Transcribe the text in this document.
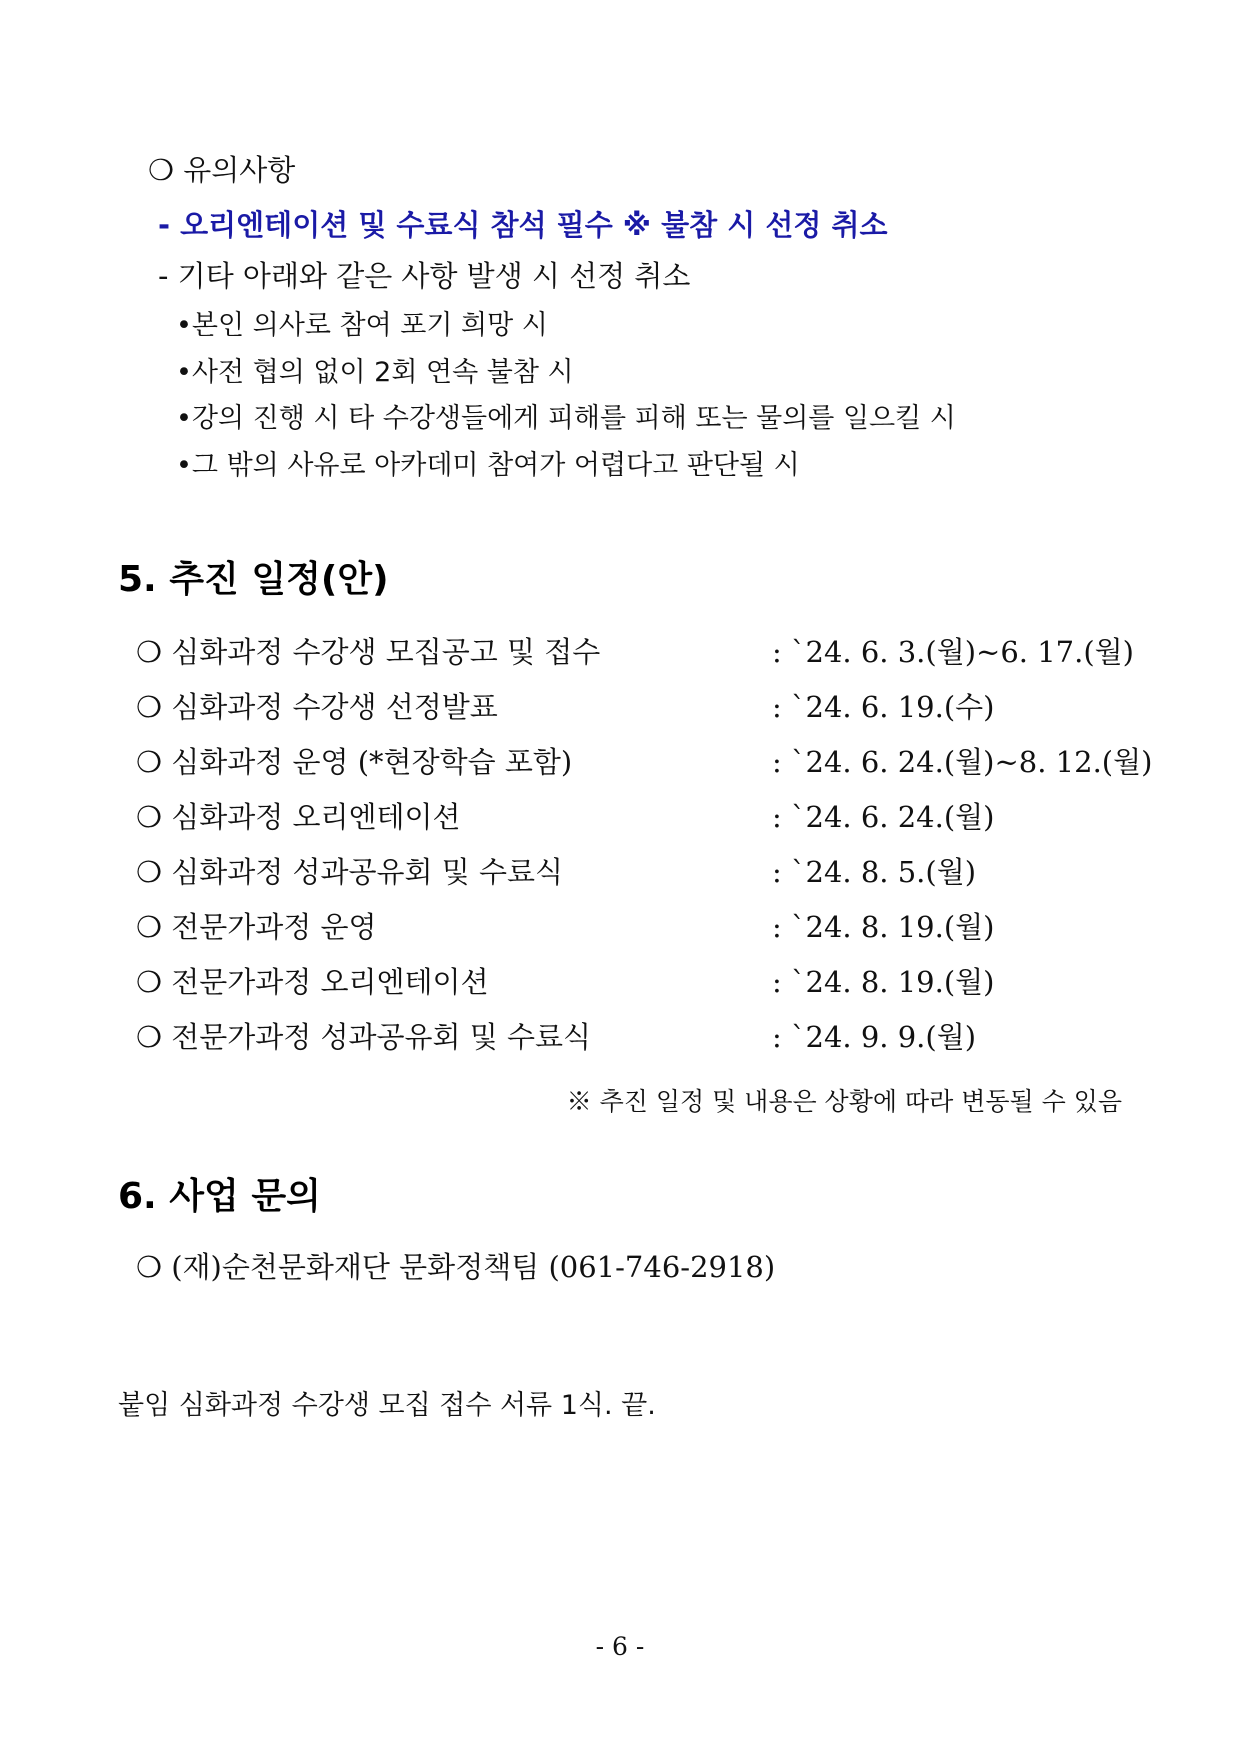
❍ 유의사항
- 오리엔테이션 및 수료식 참석 필수 ※ 불참 시 선정 취소
- 기타 아래와 같은 사항 발생 시 선정 취소
•본인 의사로 참여 포기 희망 시
•사전 협의 없이 2회 연속 불참 시
•강의 진행 시 타 수강생들에게 피해를 피해 또는 물의를 일으킬 시
•그 밖의 사유로 아카데미 참여가 어렵다고 판단될 시
5. 추진 일정(안)
❍ 심화과정 수강생 모집공고 및 접수	: `24. 6. 3.(월)~6. 17.(월)
❍ 심화과정 수강생 선정발표	: `24. 6. 19.(수)
❍ 심화과정 운영 (*현장학습 포함)	: `24. 6. 24.(월)~8. 12.(월)
❍ 심화과정 오리엔테이션	: `24. 6. 24.(월)
❍ 심화과정 성과공유회 및 수료식	: `24. 8. 5.(월)
❍ 전문가과정 운영	: `24. 8. 19.(월)
❍ 전문가과정 오리엔테이션	: `24. 8. 19.(월)
❍ 전문가과정 성과공유회 및 수료식	: `24. 9. 9.(월)
※ 추진 일정 및 내용은 상황에 따라 변동될 수 있음
6. 사업 문의
❍ (재)순천문화재단 문화정책팀 (061-746-2918)
붙임 심화과정 수강생 모집 접수 서류 1식. 끝.
- 6 -
